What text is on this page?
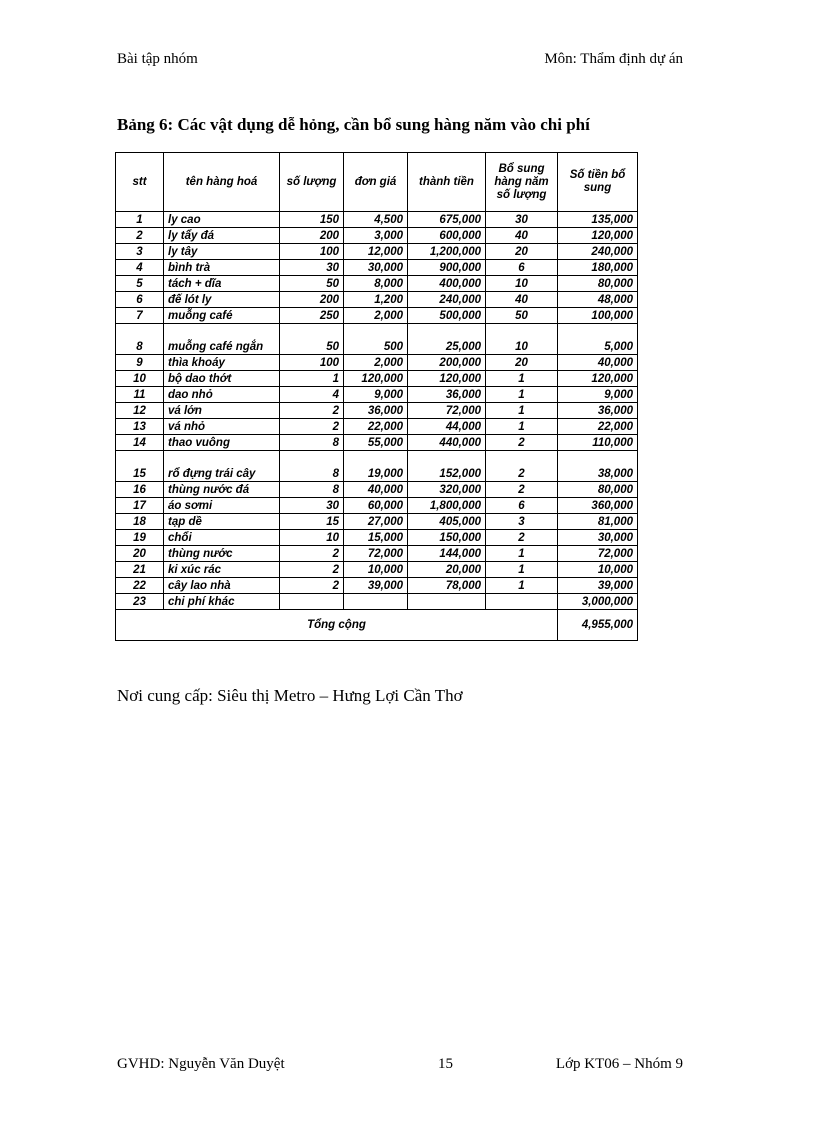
Bài tập nhóm	Môn: Thẩm định dự án
Bảng 6: Các vật dụng dễ hỏng, cần bổ sung hàng năm vào chi phí
stt	tên hàng hoá	số lượng	đơn giá	thành tiền	Bổ sung hàng năm số lượng	Số tiền bổ sung
1	ly cao	150	4,500	675,000	30	135,000
2	ly tẩy đá	200	3,000	600,000	40	120,000
3	ly tây	100	12,000	1,200,000	20	240,000
4	bình trà	30	30,000	900,000	6	180,000
5	tách + dĩa	50	8,000	400,000	10	80,000
6	đế lót ly	200	1,200	240,000	40	48,000
7	muỗng café	250	2,000	500,000	50	100,000
8	muỗng café ngắn	50	500	25,000	10	5,000
9	thìa khoáy	100	2,000	200,000	20	40,000
10	bộ dao thớt	1	120,000	120,000	1	120,000
11	dao nhỏ	4	9,000	36,000	1	9,000
12	vá lớn	2	36,000	72,000	1	36,000
13	vá nhỏ	2	22,000	44,000	1	22,000
14	thao vuông	8	55,000	440,000	2	110,000
15	rổ đựng trái cây	8	19,000	152,000	2	38,000
16	thùng nước đá	8	40,000	320,000	2	80,000
17	áo sơmi	30	60,000	1,800,000	6	360,000
18	tạp dề	15	27,000	405,000	3	81,000
19	chổi	10	15,000	150,000	2	30,000
20	thùng nước	2	72,000	144,000	1	72,000
21	ki xúc rác	2	10,000	20,000	1	10,000
22	cây lao nhà	2	39,000	78,000	1	39,000
23	chi phí khác					3,000,000
Tổng cộng						4,955,000
Nơi cung cấp: Siêu thị Metro – Hưng Lợi Cần Thơ
GVHD: Nguyễn Văn Duyệt	15	Lớp KT06 – Nhóm 9
